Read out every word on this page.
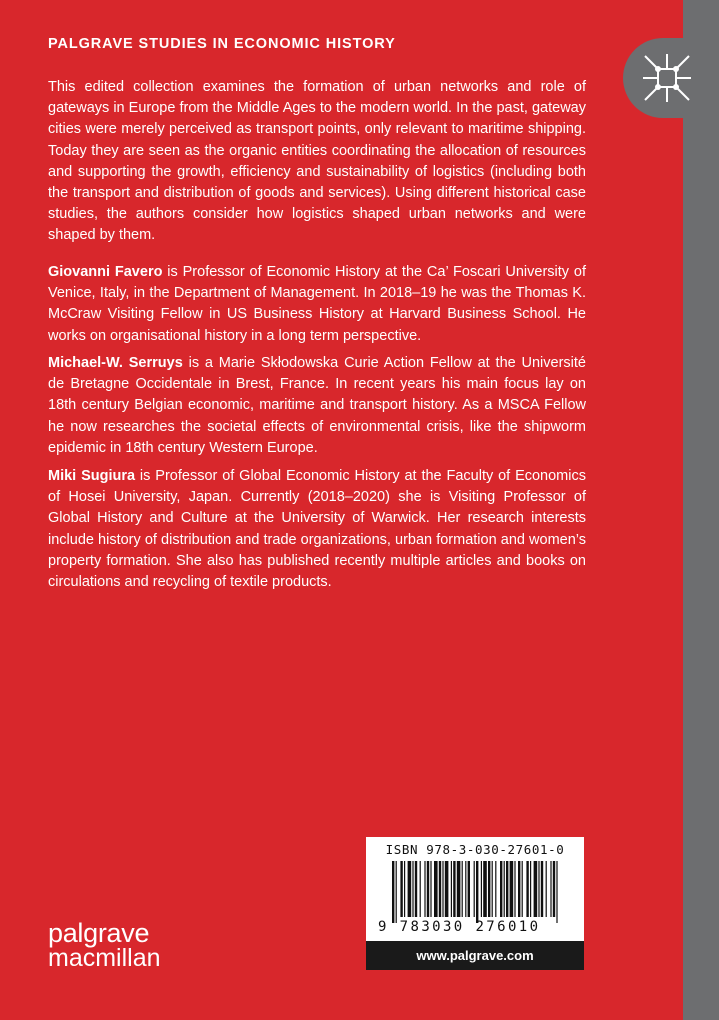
PALGRAVE STUDIES IN ECONOMIC HISTORY
This edited collection examines the formation of urban networks and role of gateways in Europe from the Middle Ages to the modern world. In the past, gateway cities were merely perceived as transport points, only relevant to maritime shipping. Today they are seen as the organic entities coordinating the allocation of resources and supporting the growth, efficiency and sustainability of logistics (including both the transport and distribution of goods and services). Using different historical case studies, the authors consider how logistics shaped urban networks and were shaped by them.
Giovanni Favero is Professor of Economic History at the Ca’ Foscari University of Venice, Italy, in the Department of Management. In 2018–19 he was the Thomas K. McCraw Visiting Fellow in US Business History at Harvard Business School. He works on organisational history in a long term perspective.
Michael-W. Serruys is a Marie Skłodowska Curie Action Fellow at the Université de Bretagne Occidentale in Brest, France. In recent years his main focus lay on 18th century Belgian economic, maritime and transport history. As a MSCA Fellow he now researches the societal effects of environmental crisis, like the shipworm epidemic in 18th century Western Europe.
Miki Sugiura is Professor of Global Economic History at the Faculty of Economics of Hosei University, Japan. Currently (2018–2020) she is Visiting Professor of Global History and Culture at the University of Warwick. Her research interests include history of distribution and trade organizations, urban formation and women’s property formation. She also has published recently multiple articles and books on circulations and recycling of textile products.
ISBN 978-3-030-27601-0
9 783030 276010
www.palgrave.com
palgrave
macmillan
